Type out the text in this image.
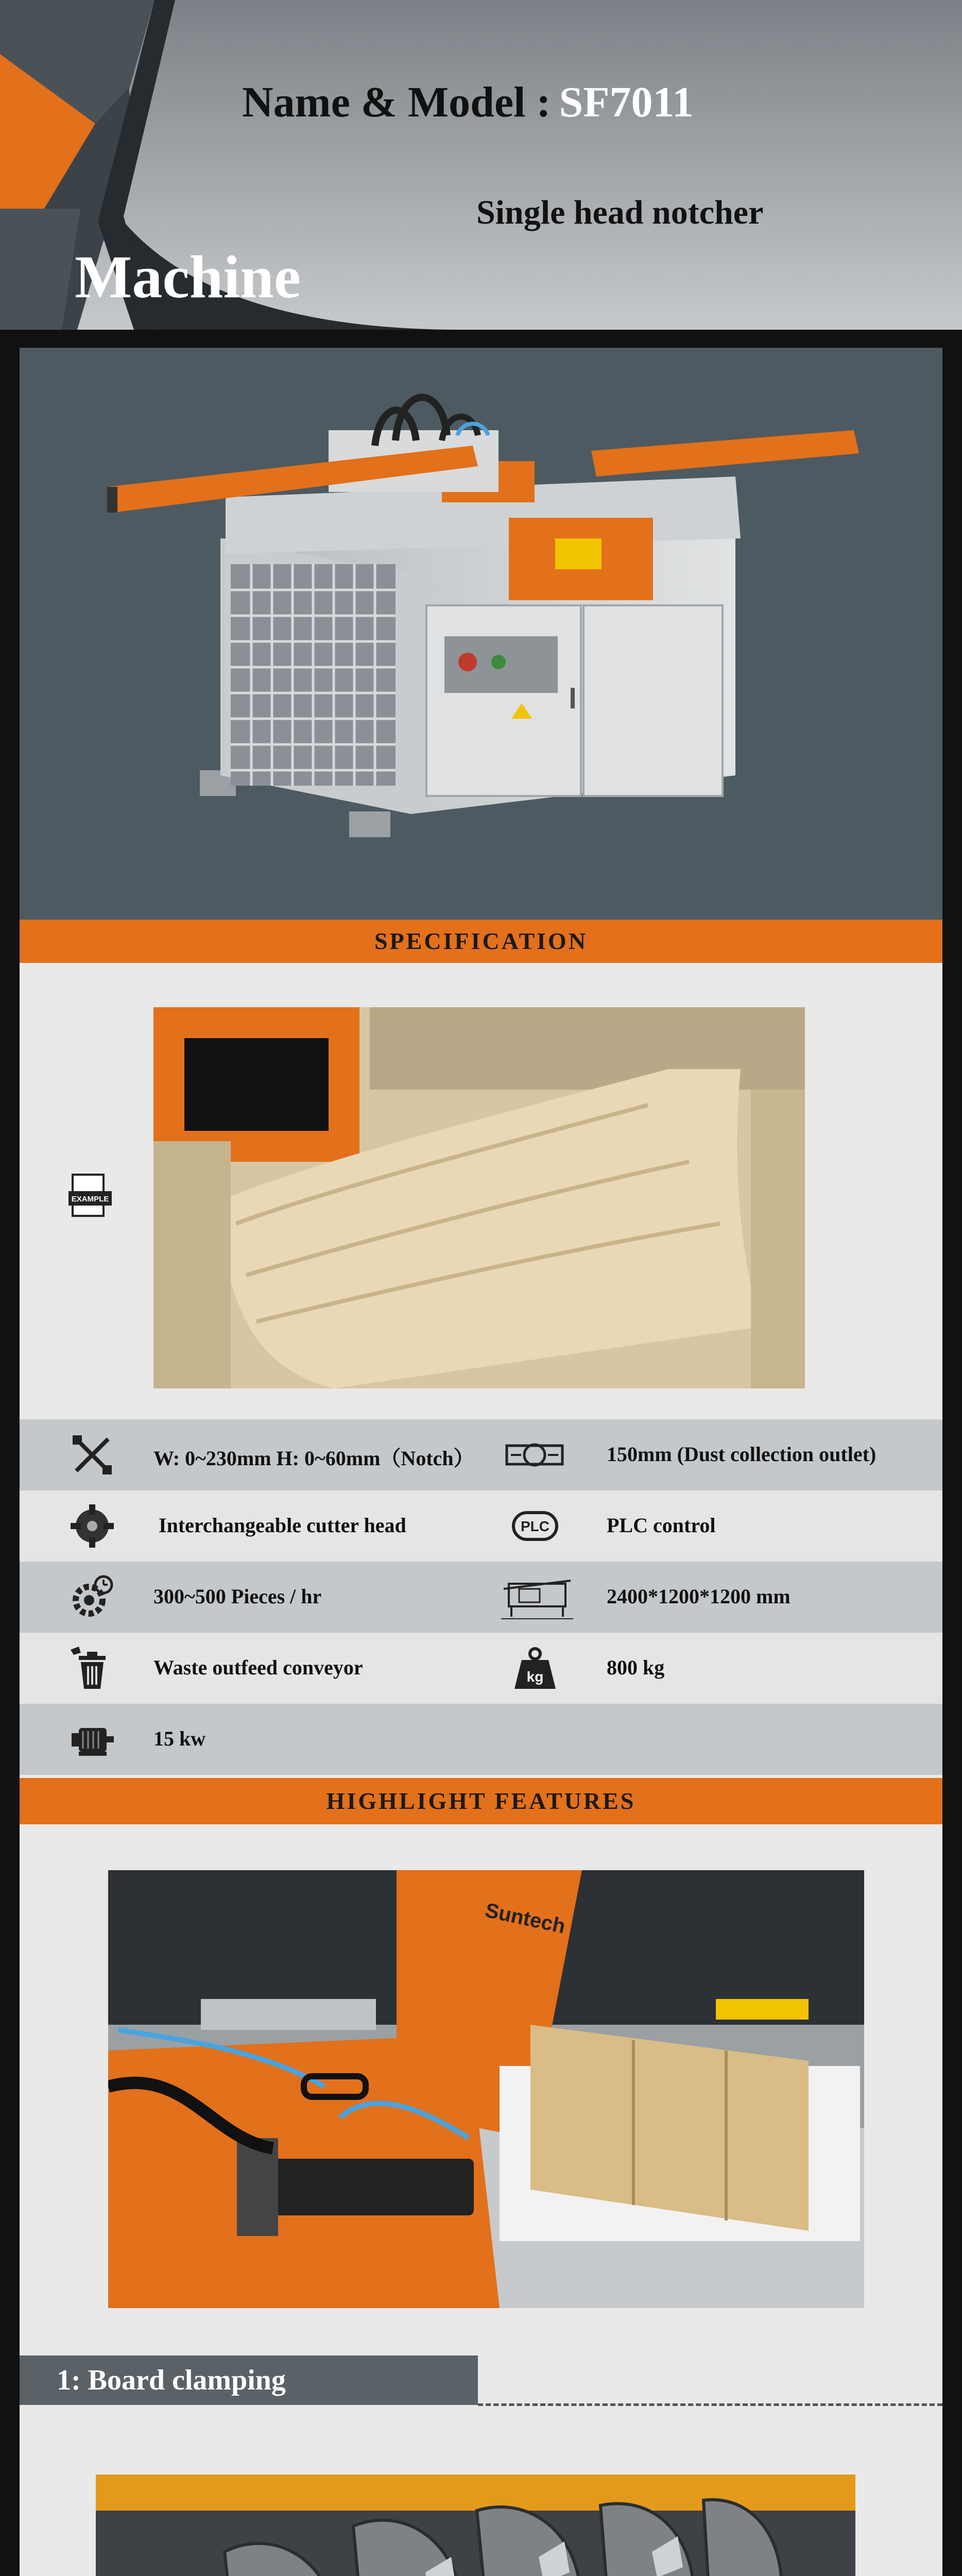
Name & Model : SF7011
Single head notcher
Machine
SPECIFICATION
EXAMPLE
W: 0~230mm H: 0~60mm（Notch）	150mm (Dust collection outlet)
Interchangeable cutter head	PLC	PLC control
300~500 Pieces / hr	2400*1200*1200 mm
Waste outfeed conveyor	kg	800 kg
15 kw
HIGHLIGHT FEATURES
Suntech
1: Board clamping
